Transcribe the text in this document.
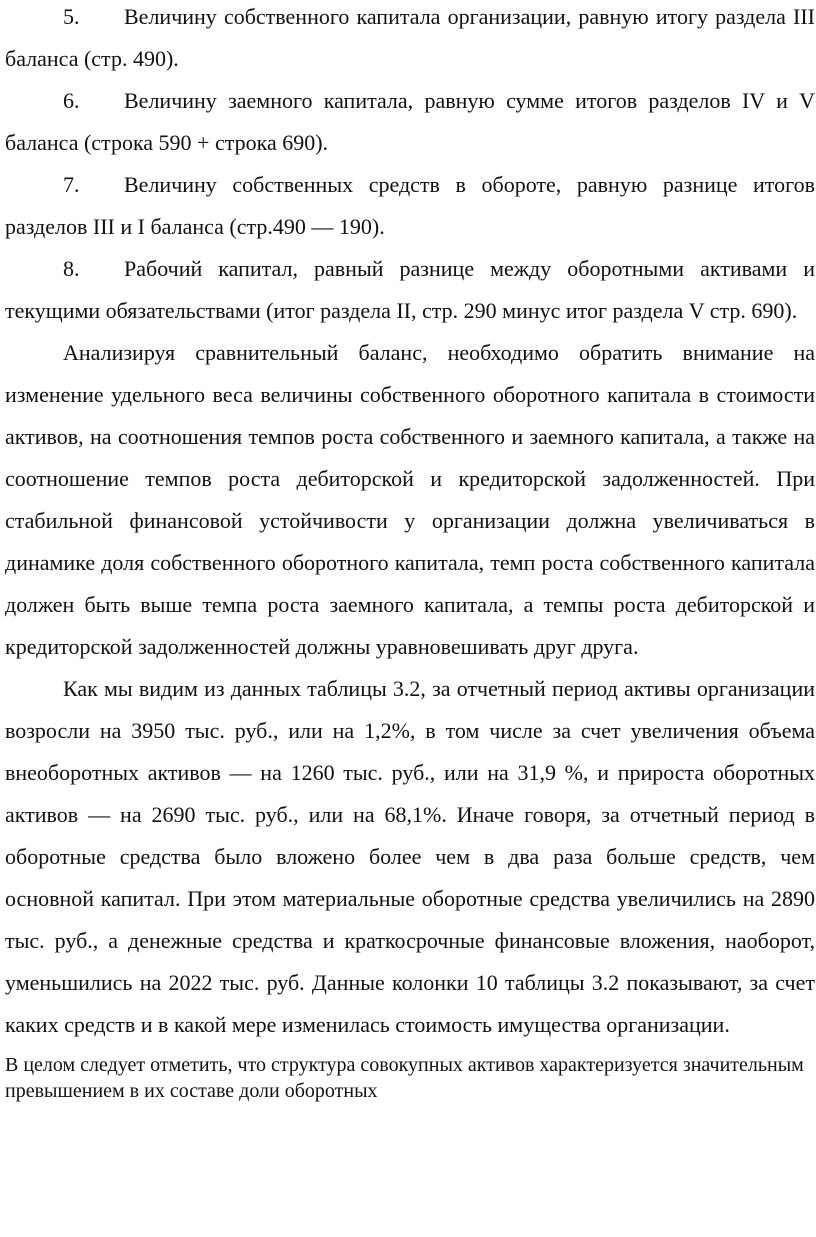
5. Величину собственного капитала организации, равную итогу раздела III баланса (стр. 490).

6. Величину заемного капитала, равную сумме итогов разделов IV и V баланса (строка 590 + строка 690).

7. Величину собственных средств в обороте, равную разнице итогов разделов III и I баланса (стр.490 — 190).

8. Рабочий капитал, равный разнице между оборотными активами и текущими обязательствами (итог раздела II, стр. 290 минус итог раздела V стр. 690).

Анализируя сравнительный баланс, необходимо обратить внимание на изменение удельного веса величины собственного оборотного капитала в стоимости активов, на соотношения темпов роста собственного и заемного капитала, а также на соотношение темпов роста дебиторской и кредиторской задолженностей. При стабильной финансовой устойчивости у организации должна увеличиваться в динамике доля собственного оборотного капитала, темп роста собственного капитала должен быть выше темпа роста заемного капитала, а темпы роста дебиторской и кредиторской задолженностей должны уравновешивать друг друга.

Как мы видим из данных таблицы 3.2, за отчетный период активы организации возросли на 3950 тыс. руб., или на 1,2%, в том числе за счет увеличения объема внеоборотных активов — на 1260 тыс. руб., или на 31,9 %, и прироста оборотных активов — на 2690 тыс. руб., или на 68,1%. Иначе говоря, за отчетный период в оборотные средства было вложено более чем в два раза больше средств, чем основной капитал. При этом материальные оборотные средства увеличились на 2890 тыс. руб., а денежные средства и краткосрочные финансовые вложения, наоборот, уменьшились на 2022 тыс. руб. Данные колонки 10 таблицы 3.2 показывают, за счет каких средств и в какой мере изменилась стоимость имущества организации.

В целом следует отметить, что структура совокупных активов характеризуется значительным превышением в их составе доли оборотных
